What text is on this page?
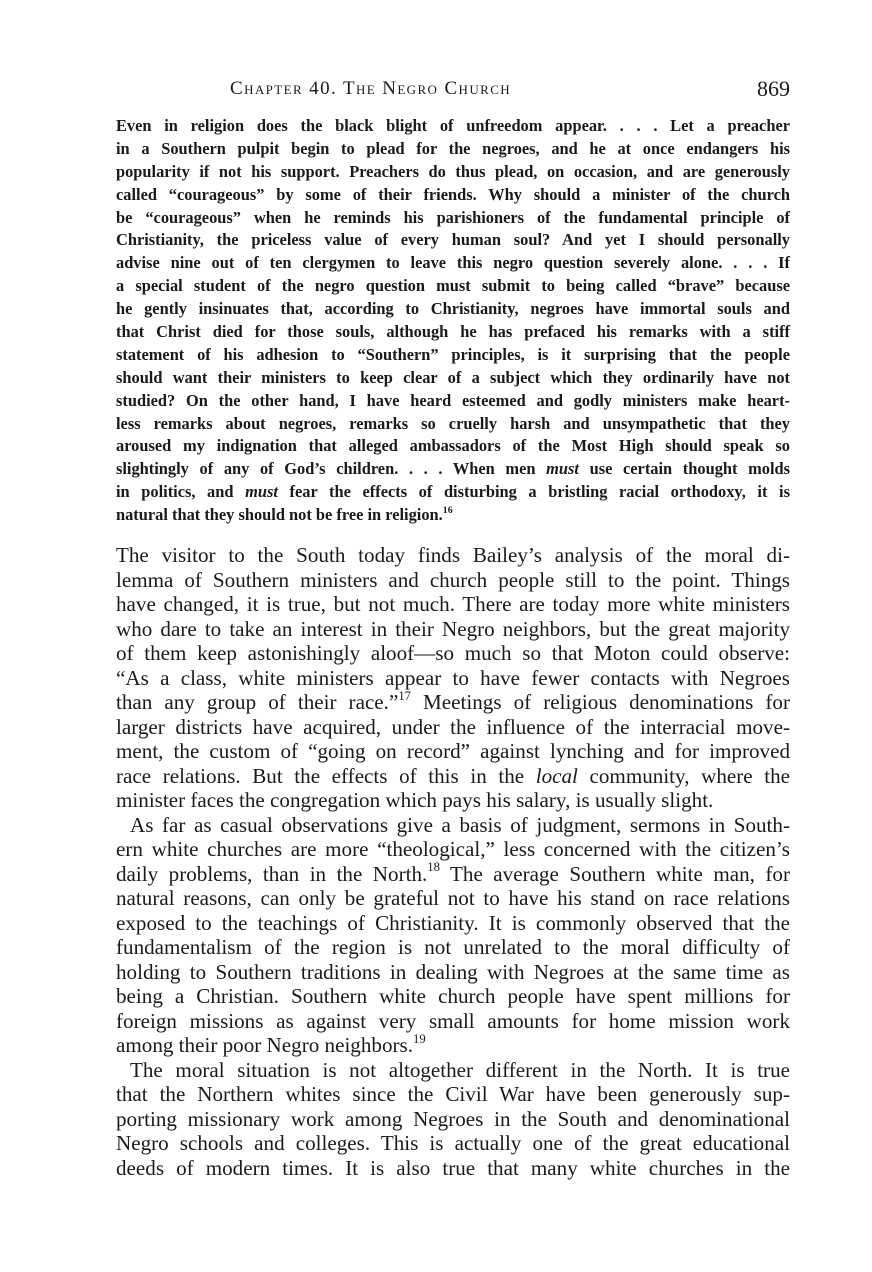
Chapter 40. The Negro Church	869
Even in religion does the black blight of unfreedom appear. . . . Let a preacher
in a Southern pulpit begin to plead for the negroes, and he at once endangers his
popularity if not his support. Preachers do thus plead, on occasion, and are generously
called “courageous” by some of their friends. Why should a minister of the church
be “courageous” when he reminds his parishioners of the fundamental principle of
Christianity, the priceless value of every human soul? And yet I should personally
advise nine out of ten clergymen to leave this negro question severely alone. . . . If
a special student of the negro question must submit to being called “brave” because
he gently insinuates that, according to Christianity, negroes have immortal souls and
that Christ died for those souls, although he has prefaced his remarks with a stiff
statement of his adhesion to “Southern” principles, is it surprising that the people
should want their ministers to keep clear of a subject which they ordinarily have not
studied? On the other hand, I have heard esteemed and godly ministers make heart-
less remarks about negroes, remarks so cruelly harsh and unsympathetic that they
aroused my indignation that alleged ambassadors of the Most High should speak so
slightingly of any of God’s children. . . . When men must use certain thought molds
in politics, and must fear the effects of disturbing a bristling racial orthodoxy, it is
natural that they should not be free in religion.$^{16}$
The visitor to the South today finds Bailey’s analysis of the moral di-
lemma of Southern ministers and church people still to the point. Things
have changed, it is true, but not much. There are today more white ministers
who dare to take an interest in their Negro neighbors, but the great majority
of them keep astonishingly aloof—so much so that Moton could observe:
“As a class, white ministers appear to have fewer contacts with Negroes
than any group of their race.”$^{17}$ Meetings of religious denominations for
larger districts have acquired, under the influence of the interracial move-
ment, the custom of “going on record” against lynching and for improved
race relations. But the effects of this in the local community, where the
minister faces the congregation which pays his salary, is usually slight.
As far as casual observations give a basis of judgment, sermons in South-
ern white churches are more “theological,” less concerned with the citizen’s
daily problems, than in the North.$^{18}$ The average Southern white man, for
natural reasons, can only be grateful not to have his stand on race relations
exposed to the teachings of Christianity. It is commonly observed that the
fundamentalism of the region is not unrelated to the moral difficulty of
holding to Southern traditions in dealing with Negroes at the same time as
being a Christian. Southern white church people have spent millions for
foreign missions as against very small amounts for home mission work
among their poor Negro neighbors.$^{19}$
The moral situation is not altogether different in the North. It is true
that the Northern whites since the Civil War have been generously sup-
porting missionary work among Negroes in the South and denominational
Negro schools and colleges. This is actually one of the great educational
deeds of modern times. It is also true that many white churches in the
